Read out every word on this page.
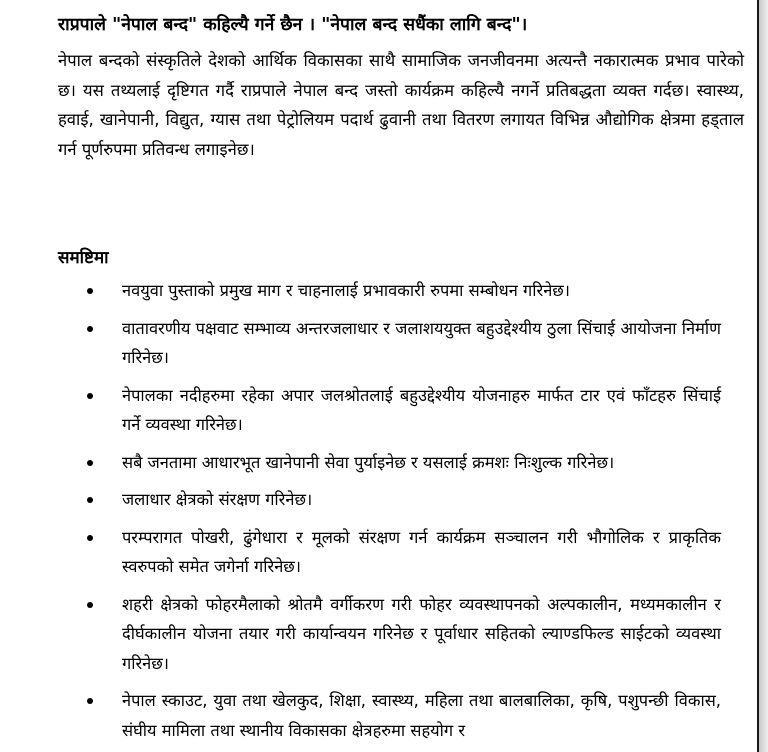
राप्रपाले "नेपाल बन्द" कहिल्यै गर्ने छैन । "नेपाल बन्द सधैंका लागि बन्द"।
नेपाल बन्दको संस्कृतिले देशको आर्थिक विकासका साथै सामाजिक जनजीवनमा अत्यन्तै नकारात्मक प्रभाव पारेको छ। यस तथ्यलाई दृष्टिगत गर्दै राप्रपाले नेपाल बन्द जस्तो कार्यक्रम कहिल्यै नगर्ने प्रतिबद्धता व्यक्त गर्दछ। स्वास्थ्य, हवाई, खानेपानी, विद्युत, ग्यास तथा पेट्रोलियम पदार्थ ढुवानी तथा वितरण लगायत विभिन्न औद्योगिक क्षेत्रमा हड्ताल गर्न पूर्णरुपमा प्रतिवन्ध लगाइनेछ।
समष्टिमा
नवयुवा पुस्ताको प्रमुख माग र चाहनालाई प्रभावकारी रुपमा सम्बोधन गरिनेछ।
वातावरणीय पक्षवाट सम्भाव्य अन्तरजलाधार र जलाशययुक्त बहुउद्देश्यीय ठुला सिंचाई आयोजना निर्माण गरिनेछ।
नेपालका नदीहरुमा रहेका अपार जलश्रोतलाई बहुउद्देश्यीय योजनाहरु मार्फत टार एवं फाँटहरु सिंचाई गर्ने व्यवस्था गरिनेछ।
सबै जनतामा आधारभूत खानेपानी सेवा पुर्याइनेछ र यसलाई क्रमशः निःशुल्क गरिनेछ।
जलाधार क्षेत्रको संरक्षण गरिनेछ।
परम्परागत पोखरी, ढुंगेधारा र मूलको संरक्षण गर्न कार्यक्रम सञ्चालन गरी भौगोलिक र प्राकृतिक स्वरुपको समेत जगेर्ना गरिनेछ।
शहरी क्षेत्रको फोहरमैलाको श्रोतमै वर्गीकरण गरी फोहर व्यवस्थापनको अल्पकालीन, मध्यमकालीन र दीर्घकालीन योजना तयार गरी कार्यान्वयन गरिनेछ र पूर्वाधार सहितको ल्याण्डफिल्ड साईटको व्यवस्था गरिनेछ।
नेपाल स्काउट, युवा तथा खेलकुद, शिक्षा, स्वास्थ्य, महिला तथा बालबालिका, कृषि, पशुपन्छी विकास, संघीय मामिला तथा स्थानीय विकासका क्षेत्रहरुमा सहयोग र
